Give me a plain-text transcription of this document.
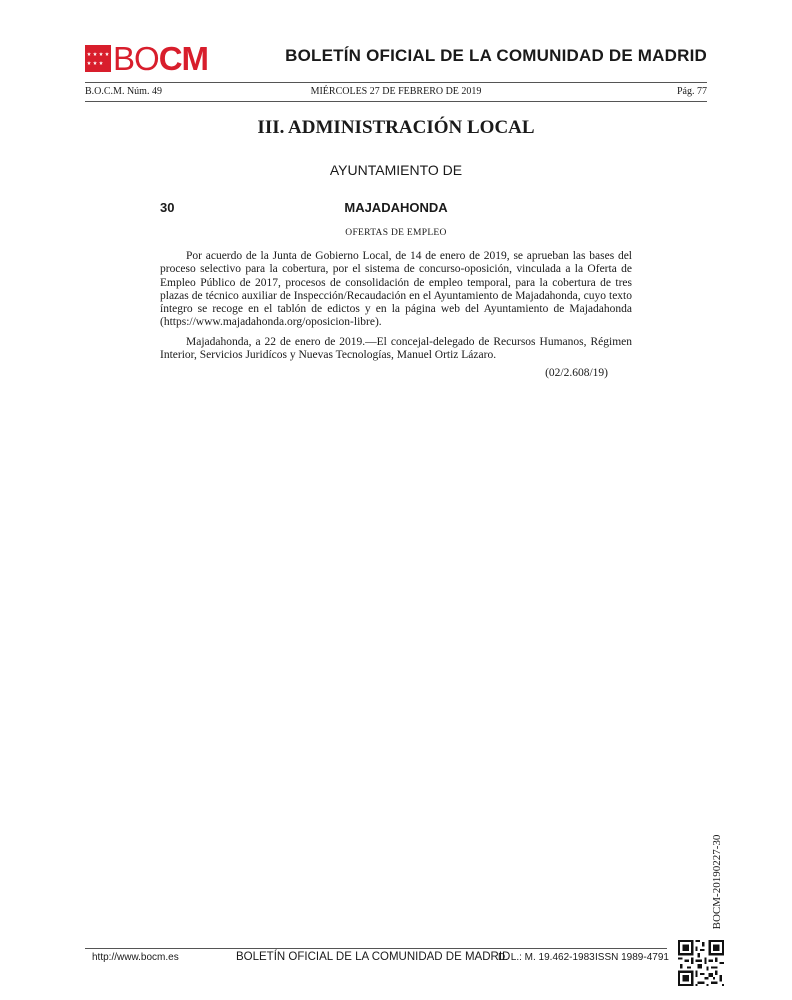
BO CM	BOLETÍN OFICIAL DE LA COMUNIDAD DE MADRID
B.O.C.M. Núm. 49	MIÉRCOLES 27 DE FEBRERO DE 2019	Pág. 77
III. ADMINISTRACIÓN LOCAL
AYUNTAMIENTO DE
30	MAJADAHONDA
OFERTAS DE EMPLEO

Por acuerdo de la Junta de Gobierno Local, de 14 de enero de 2019, se aprueban las bases del proceso selectivo para la cobertura, por el sistema de concurso-oposición, vinculada a la Oferta de Empleo Público de 2017, procesos de consolidación de empleo temporal, para la cobertura de tres plazas de técnico auxiliar de Inspección/Recaudación en el Ayuntamiento de Majadahonda, cuyo texto íntegro se recoge en el tablón de edictos y en la página web del Ayuntamiento de Majadahonda (https://www.majadahonda.org/oposicion-libre).

Majadahonda, a 22 de enero de 2019.—El concejal-delegado de Recursos Humanos, Régimen Interior, Servicios Juridícos y Nuevas Tecnologías, Manuel Ortiz Lázaro.

(02/2.608/19)
BOCM-20190227-30
http://www.bocm.es	BOLETÍN OFICIAL DE LA COMUNIDAD DE MADRID
D. L.: M. 19.462-1983 ISSN 1989-4791
